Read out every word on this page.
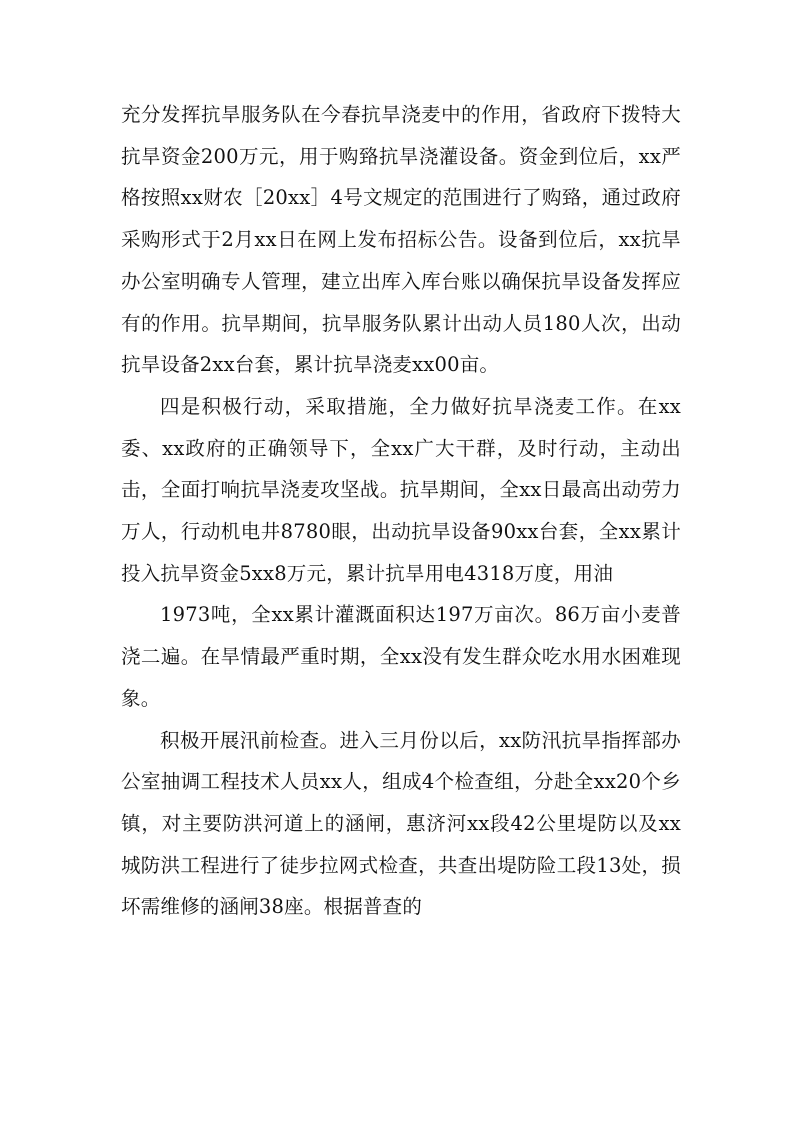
充分发挥抗旱服务队在今春抗旱浇麦中的作用，省政府下拨特大抗旱资金200万元，用于购臵抗旱浇灌设备。资金到位后，xx严格按照xx财农［20xx］4号文规定的范围进行了购臵，通过政府采购形式于2月xx日在网上发布招标公告。设备到位后，xx抗旱办公室明确专人管理，建立出库入库台账以确保抗旱设备发挥应有的作用。抗旱期间，抗旱服务队累计出动人员180人次，出动抗旱设备2xx台套，累计抗旱浇麦xx00亩。

四是积极行动，采取措施，全力做好抗旱浇麦工作。在xx委、xx政府的正确领导下，全xx广大干群，及时行动，主动出击，全面打响抗旱浇麦攻坚战。抗旱期间，全xx日最高出动劳力万人，行动机电井8780眼，出动抗旱设备90xx台套，全xx累计投入抗旱资金5xx8万元，累计抗旱用电4318万度，用油

1973吨，全xx累计灌溉面积达197万亩次。86万亩小麦普浇二遍。在旱情最严重时期，全xx没有发生群众吃水用水困难现象。

积极开展汛前检查。进入三月份以后，xx防汛抗旱指挥部办公室抽调工程技术人员xx人，组成4个检查组，分赴全xx20个乡镇，对主要防洪河道上的涵闸，惠济河xx段42公里堤防以及xx城防洪工程进行了徒步拉网式检查，共查出堤防险工段13处，损坏需维修的涵闸38座。根据普查的
